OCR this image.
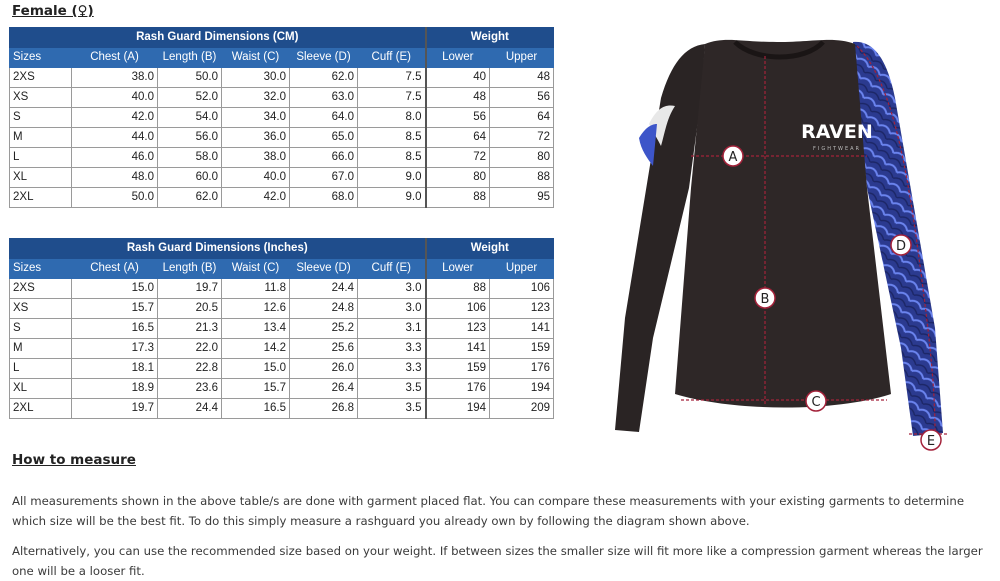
Female (♀)
Rash Guard Dimensions (CM)						Weight	
Sizes	Chest (A)	Length (B)	Waist (C)	Sleeve (D)	Cuff (E)	Lower	Upper
2XS	38.0	50.0	30.0	62.0	7.5	40	48
XS	40.0	52.0	32.0	63.0	7.5	48	56
S	42.0	54.0	34.0	64.0	8.0	56	64
M	44.0	56.0	36.0	65.0	8.5	64	72
L	46.0	58.0	38.0	66.0	8.5	72	80
XL	48.0	60.0	40.0	67.0	9.0	80	88
2XL	50.0	62.0	42.0	68.0	9.0	88	95
Rash Guard Dimensions (Inches)						Weight	
Sizes	Chest (A)	Length (B)	Waist (C)	Sleeve (D)	Cuff (E)	Lower	Upper
2XS	15.0	19.7	11.8	24.4	3.0	88	106
XS	15.7	20.5	12.6	24.8	3.0	106	123
S	16.5	21.3	13.4	25.2	3.1	123	141
M	17.3	22.0	14.2	25.6	3.3	141	159
L	18.1	22.8	15.0	26.0	3.3	159	176
XL	18.9	23.6	15.7	26.4	3.5	176	194
2XL	19.7	24.4	16.5	26.8	3.5	194	209
RAVEN
FIGHTWEAR
A
B
C
D
E
How to measure
All measurements shown in the above table/s are done with garment placed flat. You can compare these measurements with your existing garments to determine which size will be the best fit. To do this simply measure a rashguard you already own by following the diagram shown above.
Alternatively, you can use the recommended size based on your weight. If between sizes the smaller size will fit more like a compression garment whereas the larger one will be a looser fit.
